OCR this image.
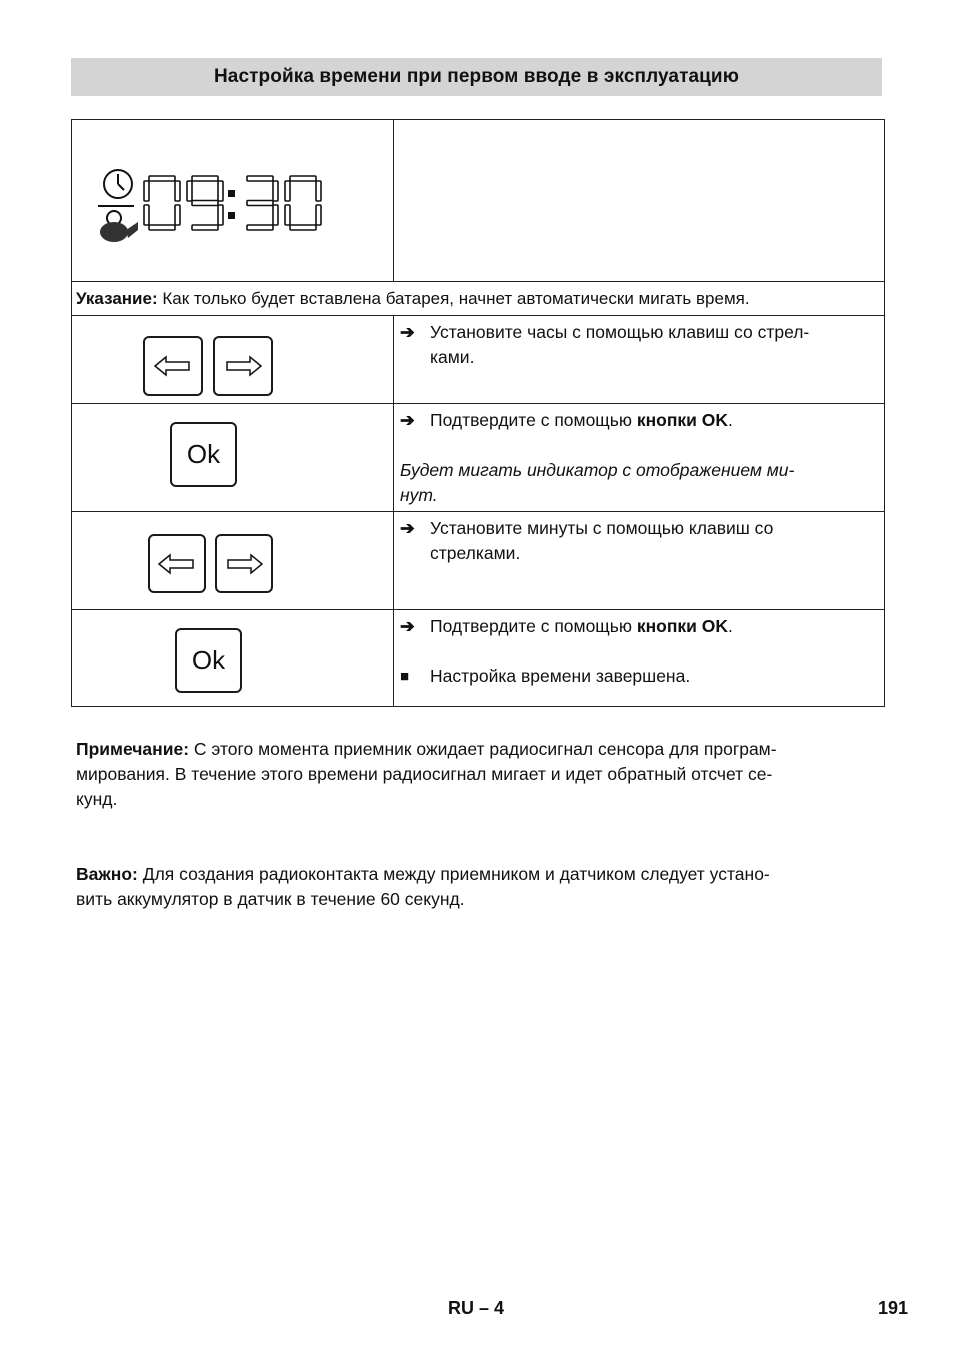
Настройка времени при первом вводе в эксплуатацию

Указание: Как только будет вставлена батарея, начнет автоматически мигать время.	

➔ Установите часы с помощью клавиш со стрел-
ками.

Ok	➔ Подтвердите с помощью кнопки OK.
Будет мигать индикатор с отображением ми-
нут.

➔ Установите минуты с помощью клавиш со
стрелками.

Ok	➔ Подтвердите с помощью кнопки OK.
■ Настройка времени завершена.
Примечание: С этого момента приемник ожидает радиосигнал сенсора для програм-
мирования. В течение этого времени радиосигнал мигает и идет обратный отсчет се-
кунд.
Важно: Для создания радиоконтакта между приемником и датчиком следует устано-
вить аккумулятор в датчик в течение 60 секунд.
RU – 4	191
